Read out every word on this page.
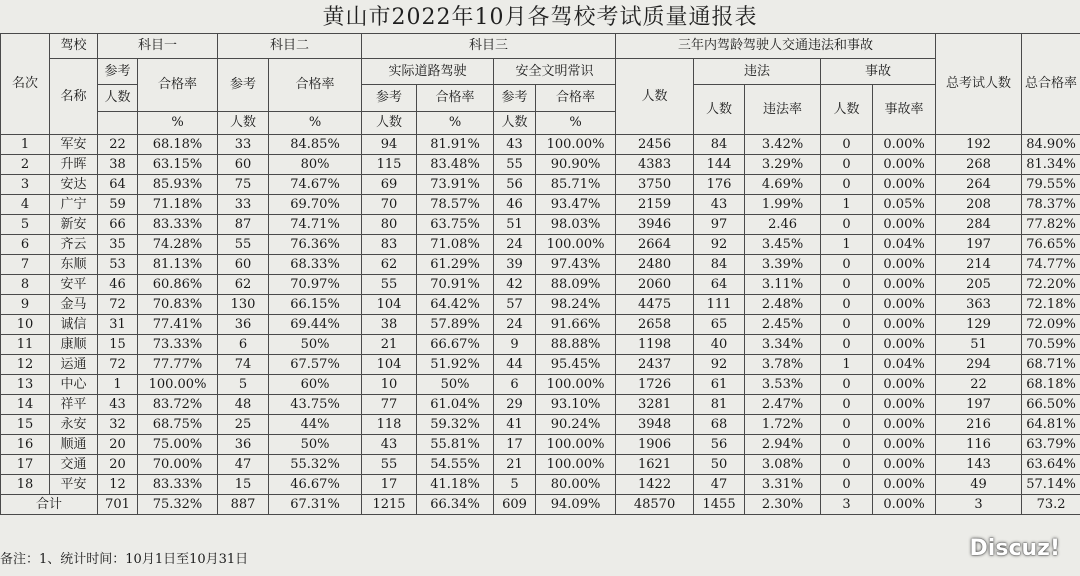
黄山市2022年10月各驾校考试质量通报表
名次	驾校	科目一		科目二		科目三				三年内驾龄驾驶人交通违法和事故					总考试人数	总合格率
	名称	参考	合格率	参考	合格率	实际道路驾驶		安全文明常识		人数	违法		事故			
		人数				参考	合格率	参考	合格率		人数	违法率	人数	事故率		
			%	人数	%	人数	%	人数	%							
1	军安	22	68.18%	33	84.85%	94	81.91%	43	100.00%	2456	84	3.42%	0	0.00%	192	84.90%
2	升晖	38	63.15%	60	80%	115	83.48%	55	90.90%	4383	144	3.29%	0	0.00%	268	81.34%
3	安达	64	85.93%	75	74.67%	69	73.91%	56	85.71%	3750	176	4.69%	0	0.00%	264	79.55%
4	广宁	59	71.18%	33	69.70%	70	78.57%	46	93.47%	2159	43	1.99%	1	0.05%	208	78.37%
5	新安	66	83.33%	87	74.71%	80	63.75%	51	98.03%	3946	97	2.46	0	0.00%	284	77.82%
6	齐云	35	74.28%	55	76.36%	83	71.08%	24	100.00%	2664	92	3.45%	1	0.04%	197	76.65%
7	东顺	53	81.13%	60	68.33%	62	61.29%	39	97.43%	2480	84	3.39%	0	0.00%	214	74.77%
8	安平	46	60.86%	62	70.97%	55	70.91%	42	88.09%	2060	64	3.11%	0	0.00%	205	72.20%
9	金马	72	70.83%	130	66.15%	104	64.42%	57	98.24%	4475	111	2.48%	0	0.00%	363	72.18%
10	诚信	31	77.41%	36	69.44%	38	57.89%	24	91.66%	2658	65	2.45%	0	0.00%	129	72.09%
11	康顺	15	73.33%	6	50%	21	66.67%	9	88.88%	1198	40	3.34%	0	0.00%	51	70.59%
12	运通	72	77.77%	74	67.57%	104	51.92%	44	95.45%	2437	92	3.78%	1	0.04%	294	68.71%
13	中心	1	100.00%	5	60%	10	50%	6	100.00%	1726	61	3.53%	0	0.00%	22	68.18%
14	祥平	43	83.72%	48	43.75%	77	61.04%	29	93.10%	3281	81	2.47%	0	0.00%	197	66.50%
15	永安	32	68.75%	25	44%	118	59.32%	41	90.24%	3948	68	1.72%	0	0.00%	216	64.81%
16	顺通	20	75.00%	36	50%	43	55.81%	17	100.00%	1906	56	2.94%	0	0.00%	116	63.79%
17	交通	20	70.00%	47	55.32%	55	54.55%	21	100.00%	1621	50	3.08%	0	0.00%	143	63.64%
18	平安	12	83.33%	15	46.67%	17	41.18%	5	80.00%	1422	47	3.31%	0	0.00%	49	57.14%
合计		701	75.32%	887	67.31%	1215	66.34%	609	94.09%	48570	1455	2.30%	3	0.00%	3	73.2
备注：1、统计时间：10月1日至10月31日	Discuz!
